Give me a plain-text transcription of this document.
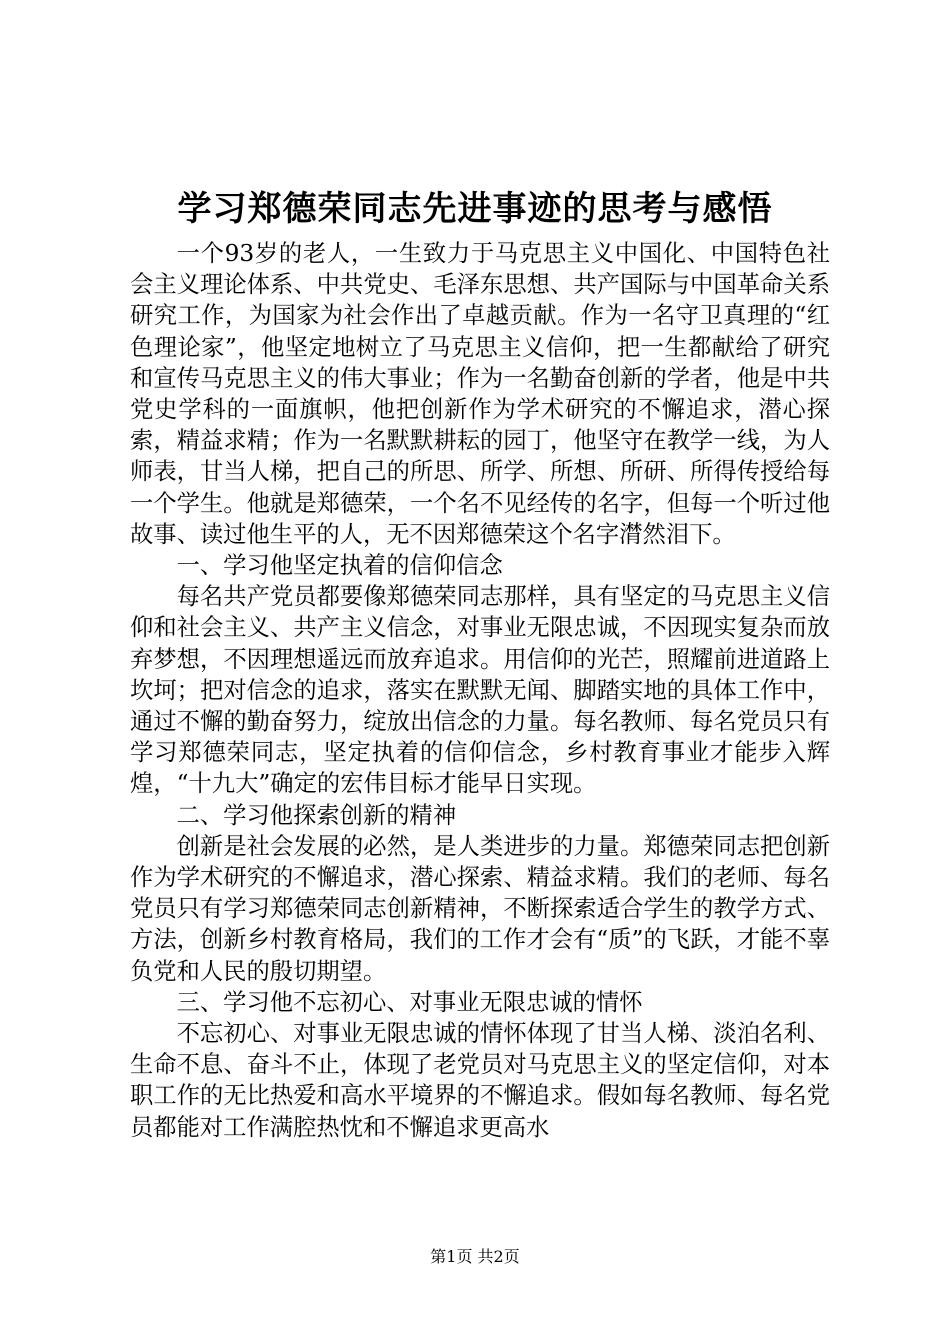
学习郑德荣同志先进事迹的思考与感悟

一个93岁的老人，一生致力于马克思主义中国化、中国特色社会主义理论体系、中共党史、毛泽东思想、共产国际与中国革命关系研究工作，为国家为社会作出了卓越贡献。作为一名守卫真理的“红色理论家”，他坚定地树立了马克思主义信仰，把一生都献给了研究和宣传马克思主义的伟大事业；作为一名勤奋创新的学者，他是中共党史学科的一面旗帜，他把创新作为学术研究的不懈追求，潜心探索，精益求精；作为一名默默耕耘的园丁，他坚守在教学一线，为人师表，甘当人梯，把自己的所思、所学、所想、所研、所得传授给每一个学生。他就是郑德荣，一个名不见经传的名字，但每一个听过他故事、读过他生平的人，无不因郑德荣这个名字潸然泪下。

一、学习他坚定执着的信仰信念

每名共产党员都要像郑德荣同志那样，具有坚定的马克思主义信仰和社会主义、共产主义信念，对事业无限忠诚，不因现实复杂而放弃梦想，不因理想遥远而放弃追求。用信仰的光芒，照耀前进道路上坎坷；把对信念的追求，落实在默默无闻、脚踏实地的具体工作中，通过不懈的勤奋努力，绽放出信念的力量。每名教师、每名党员只有学习郑德荣同志，坚定执着的信仰信念，乡村教育事业才能步入辉煌，“十九大”确定的宏伟目标才能早日实现。

二、学习他探索创新的精神

创新是社会发展的必然，是人类进步的力量。郑德荣同志把创新作为学术研究的不懈追求，潜心探索、精益求精。我们的老师、每名党员只有学习郑德荣同志创新精神，不断探索适合学生的教学方式、方法，创新乡村教育格局，我们的工作才会有“质”的飞跃，才能不辜负党和人民的殷切期望。

三、学习他不忘初心、对事业无限忠诚的情怀

不忘初心、对事业无限忠诚的情怀体现了甘当人梯、淡泊名利、生命不息、奋斗不止，体现了老党员对马克思主义的坚定信仰，对本职工作的无比热爱和高水平境界的不懈追求。假如每名教师、每名党员都能对工作满腔热忱和不懈追求更高水

第1页 共2页
